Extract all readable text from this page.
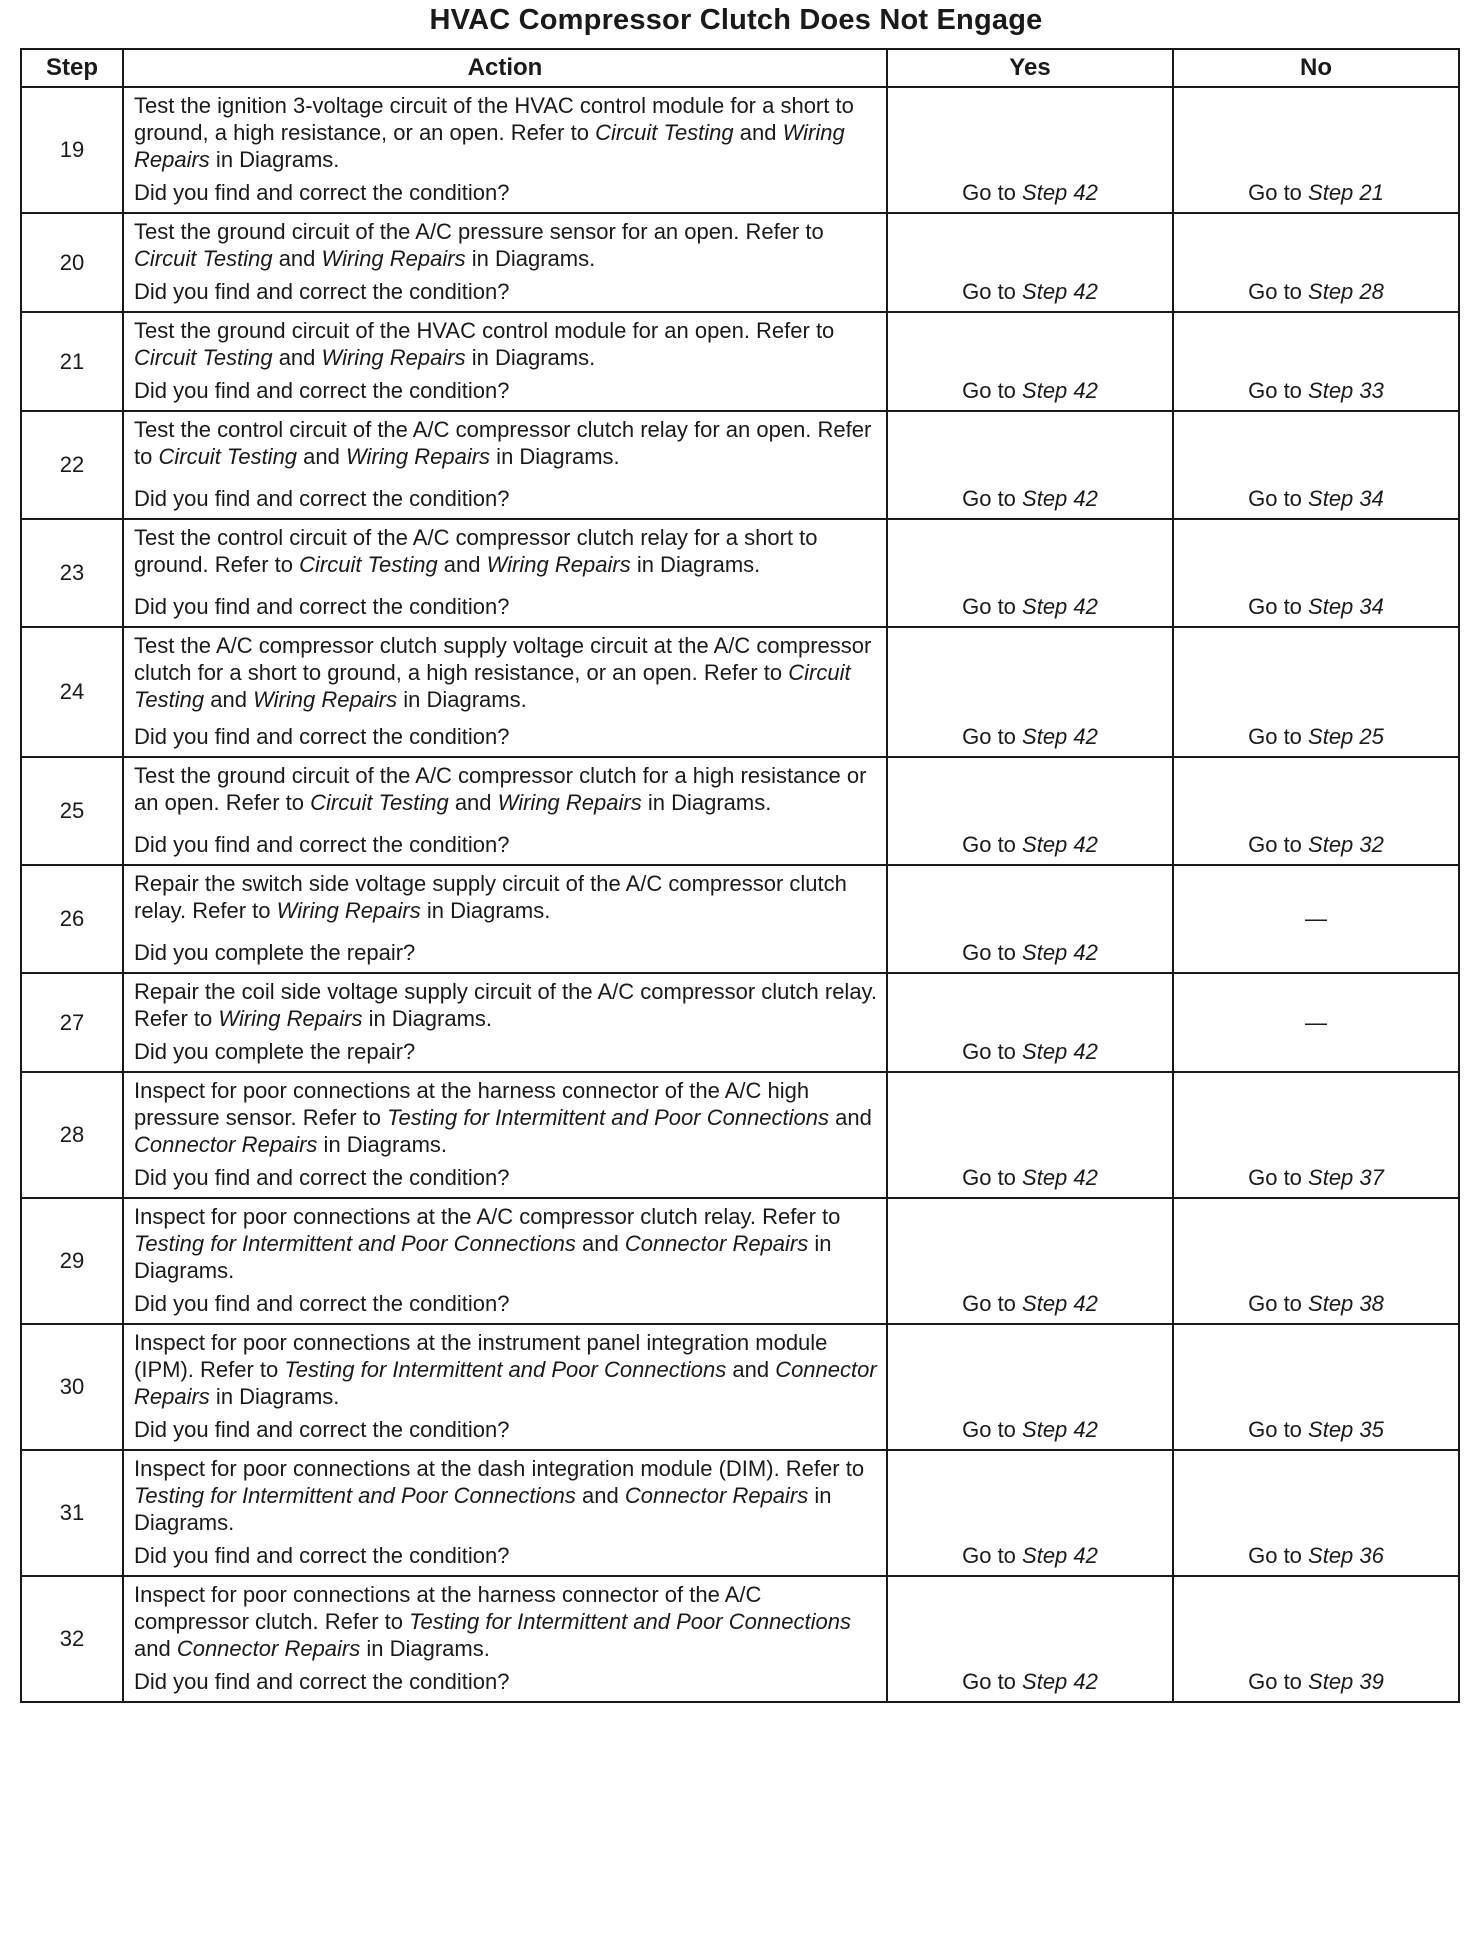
HVAC Compressor Clutch Does Not Engage
Step	Action	Yes	No
19	Test the ignition 3-voltage circuit of the HVAC control module for a short to ground, a high resistance, or an open. Refer to Circuit Testing and Wiring Repairs in Diagrams.
Did you find and correct the condition?	Go to Step 42	Go to Step 21
20	Test the ground circuit of the A/C pressure sensor for an open. Refer to Circuit Testing and Wiring Repairs in Diagrams.
Did you find and correct the condition?	Go to Step 42	Go to Step 28
21	Test the ground circuit of the HVAC control module for an open. Refer to Circuit Testing and Wiring Repairs in Diagrams.
Did you find and correct the condition?	Go to Step 42	Go to Step 33
22	Test the control circuit of the A/C compressor clutch relay for an open. Refer to Circuit Testing and Wiring Repairs in Diagrams.
Did you find and correct the condition?	Go to Step 42	Go to Step 34
23	Test the control circuit of the A/C compressor clutch relay for a short to ground. Refer to Circuit Testing and Wiring Repairs in Diagrams.
Did you find and correct the condition?	Go to Step 42	Go to Step 34
24	Test the A/C compressor clutch supply voltage circuit at the A/C compressor clutch for a short to ground, a high resistance, or an open. Refer to Circuit Testing and Wiring Repairs in Diagrams.
Did you find and correct the condition?	Go to Step 42	Go to Step 25
25	Test the ground circuit of the A/C compressor clutch for a high resistance or an open. Refer to Circuit Testing and Wiring Repairs in Diagrams.
Did you find and correct the condition?	Go to Step 42	Go to Step 32
26	Repair the switch side voltage supply circuit of the A/C compressor clutch relay. Refer to Wiring Repairs in Diagrams.
Did you complete the repair?	Go to Step 42	—
27	Repair the coil side voltage supply circuit of the A/C compressor clutch relay. Refer to Wiring Repairs in Diagrams.
Did you complete the repair?	Go to Step 42	—
28	Inspect for poor connections at the harness connector of the A/C high pressure sensor. Refer to Testing for Intermittent and Poor Connections and Connector Repairs in Diagrams.
Did you find and correct the condition?	Go to Step 42	Go to Step 37
29	Inspect for poor connections at the A/C compressor clutch relay. Refer to Testing for Intermittent and Poor Connections and Connector Repairs in Diagrams.
Did you find and correct the condition?	Go to Step 42	Go to Step 38
30	Inspect for poor connections at the instrument panel integration module (IPM). Refer to Testing for Intermittent and Poor Connections and Connector Repairs in Diagrams.
Did you find and correct the condition?	Go to Step 42	Go to Step 35
31	Inspect for poor connections at the dash integration module (DIM). Refer to Testing for Intermittent and Poor Connections and Connector Repairs in Diagrams.
Did you find and correct the condition?	Go to Step 42	Go to Step 36
32	Inspect for poor connections at the harness connector of the A/C compressor clutch. Refer to Testing for Intermittent and Poor Connections and Connector Repairs in Diagrams.
Did you find and correct the condition?	Go to Step 42	Go to Step 39
